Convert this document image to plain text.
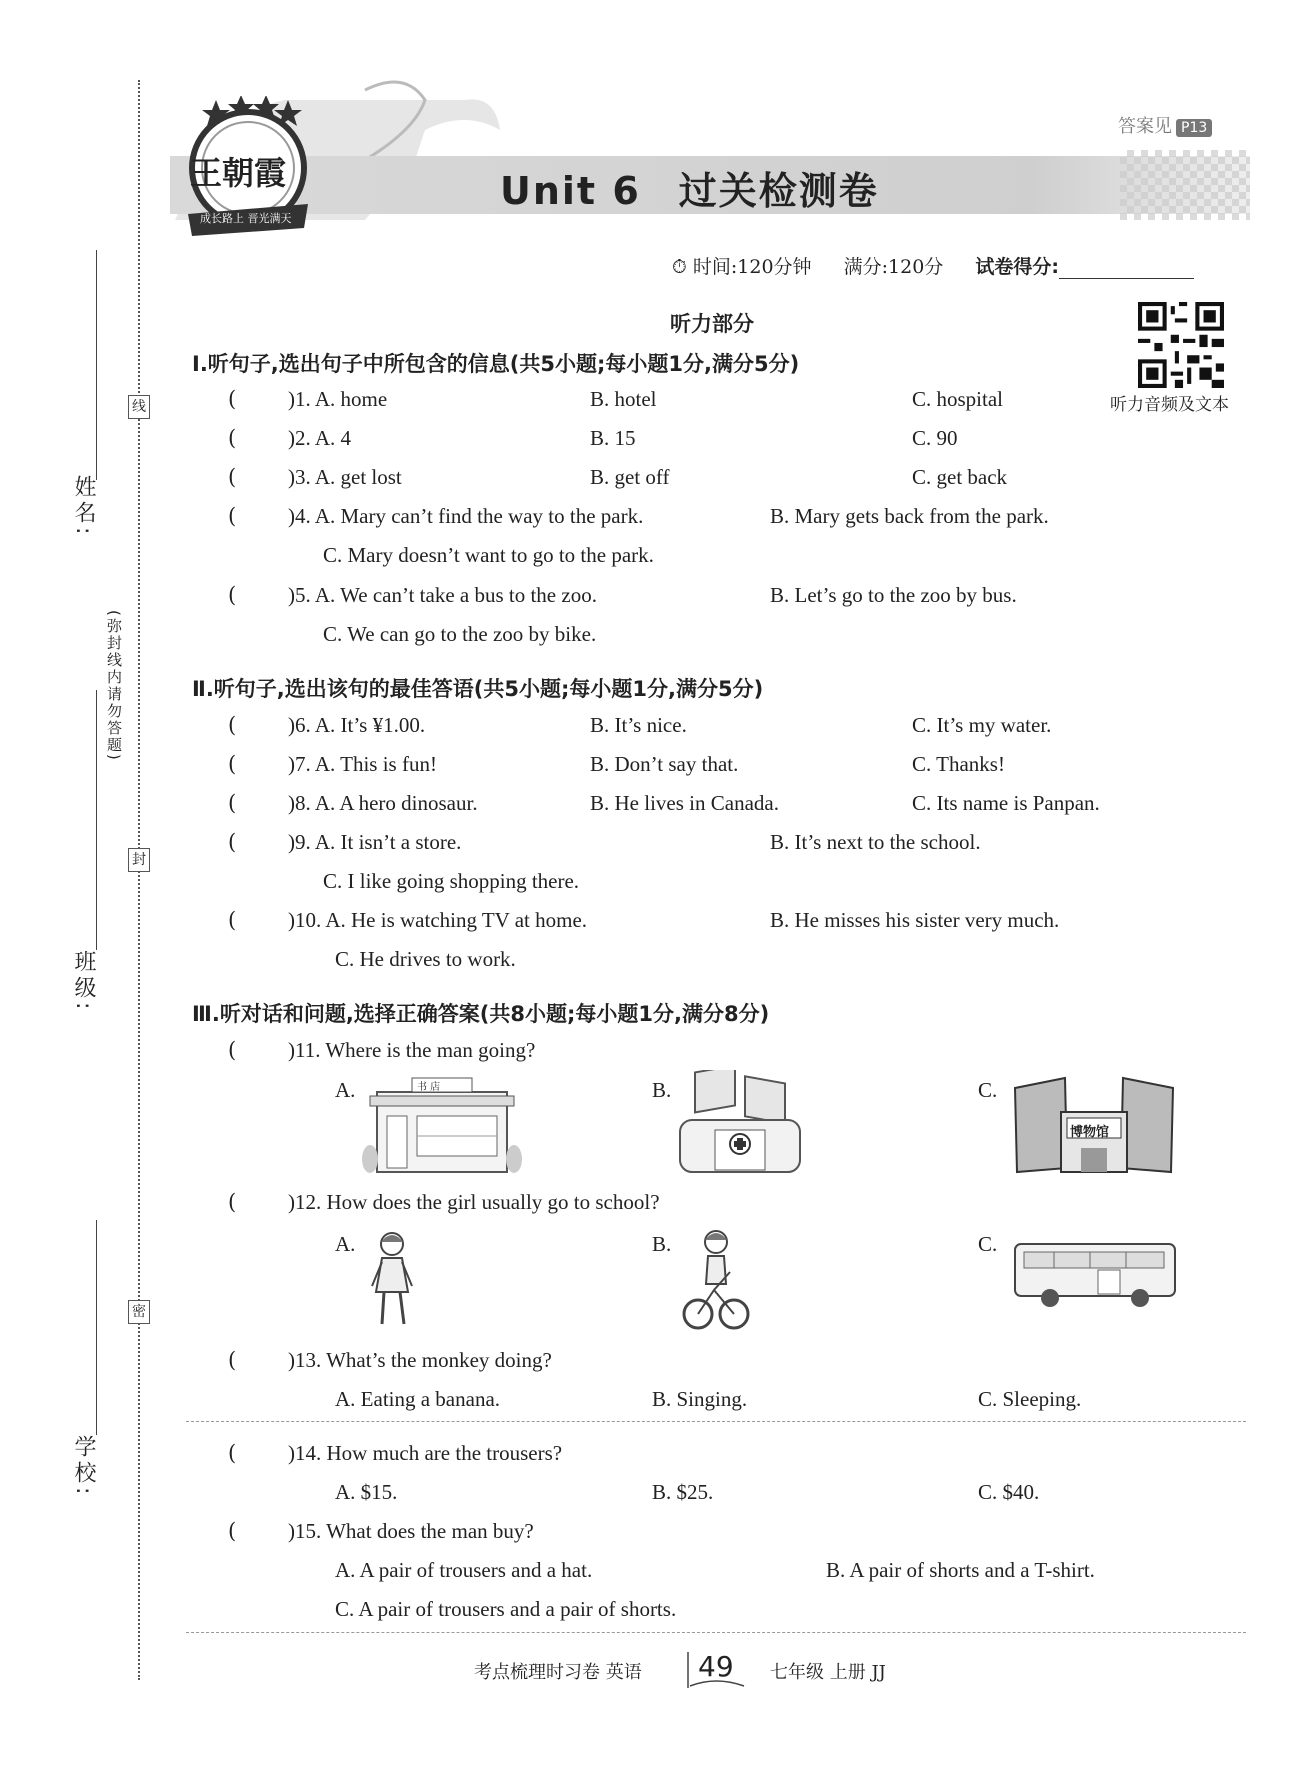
姓名:
班级:
学校:
线
封
密
(弥封线内请勿答题)
王朝霞
成长路上 晋光满天
答案见 P13
Unit 6 过关检测卷
⏱ 时间:120分钟 满分:120分 试卷得分:
听力部分
听力音频及文本
Ⅰ.听句子,选出句子中所包含的信息(共5小题;每小题1分,满分5分)
( )1. A. home	B. hotel	C. hospital
( )2. A. 4	B. 15	C. 90
( )3. A. get lost	B. get off	C. get back
( )4. A. Mary can’t find the way to the park.	B. Mary gets back from the park.
C. Mary doesn’t want to go to the park.
( )5. A. We can’t take a bus to the zoo.	B. Let’s go to the zoo by bus.
C. We can go to the zoo by bike.
Ⅱ.听句子,选出该句的最佳答语(共5小题;每小题1分,满分5分)
( )6. A. It’s ¥1.00.	B. It’s nice.	C. It’s my water.
( )7. A. This is fun!	B. Don’t say that.	C. Thanks!
( )8. A. A hero dinosaur.	B. He lives in Canada.	C. Its name is Panpan.
( )9. A. It isn’t a store.	B. It’s next to the school.
C. I like going shopping there.
( )10. A. He is watching TV at home.	B. He misses his sister very much.
C. He drives to work.
Ⅲ.听对话和问题,选择正确答案(共8小题;每小题1分,满分8分)
( )11. Where is the man going?
A.	B.	C.
书 店
博物馆
( )12. How does the girl usually go to school?
A.	B.	C.
( )13. What’s the monkey doing?
A. Eating a banana.	B. Singing.	C. Sleeping.
( )14. How much are the trousers?
A. $15.	B. $25.	C. $40.
( )15. What does the man buy?
A. A pair of trousers and a hat.	B. A pair of shorts and a T-shirt.
C. A pair of trousers and a pair of shorts.
考点梳理时习卷 英语 49 七年级 上册 JJ
